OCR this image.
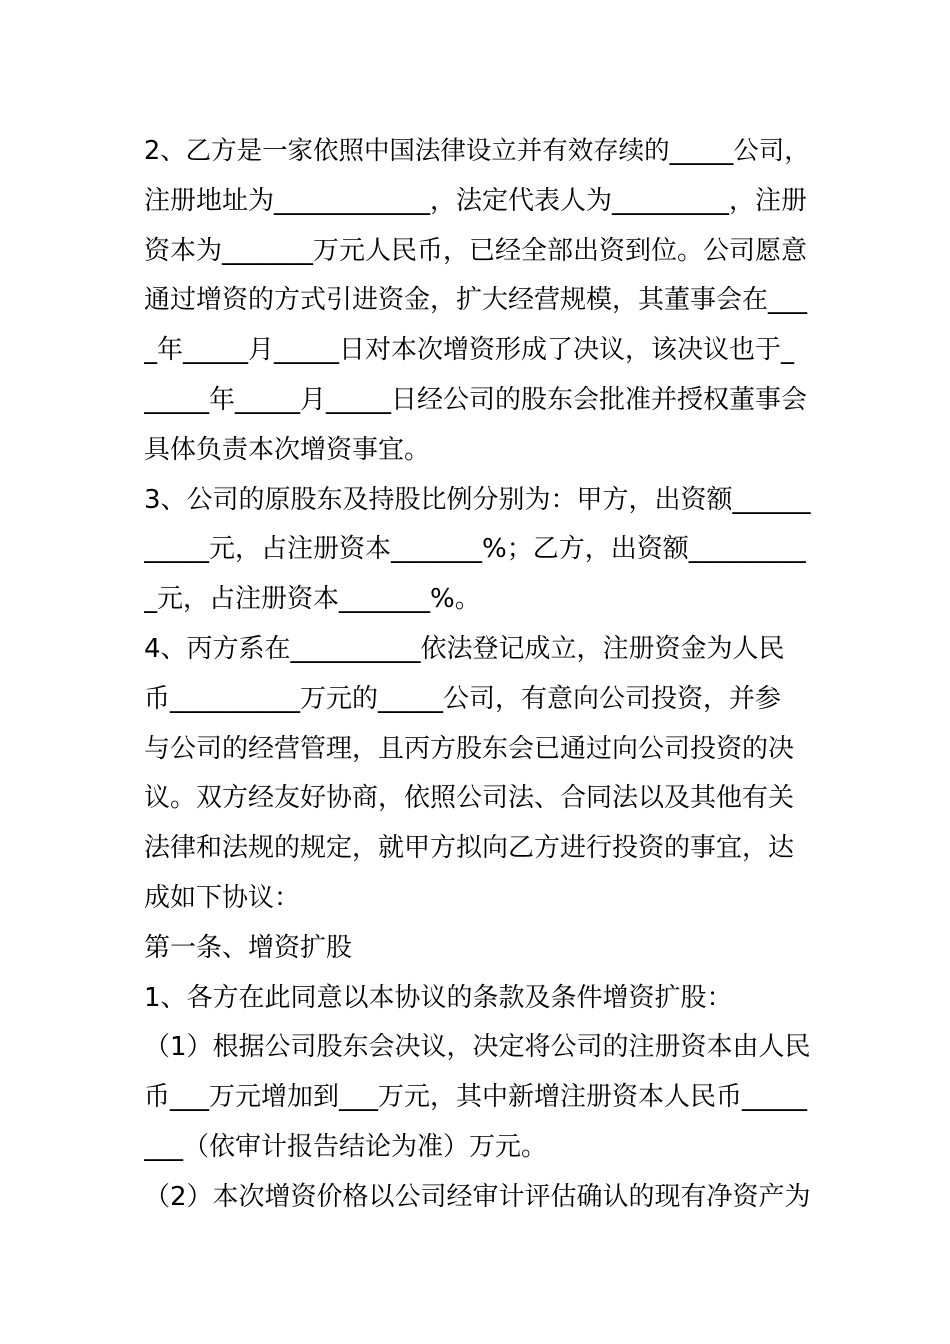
2、乙方是一家依照中国法律设立并有效存续的_____公司，
注册地址为____________，法定代表人为_________，注册
资本为_______万元人民币，已经全部出资到位。公司愿意
通过增资的方式引进资金，扩大经营规模，其董事会在___
_年_____月_____日对本次增资形成了决议，该决议也于_
_____年_____月_____日经公司的股东会批准并授权董事会
具体负责本次增资事宜。
3、公司的原股东及持股比例分别为：甲方，出资额______
_____元，占注册资本_______%；乙方，出资额_________
_元，占注册资本_______%。
4、丙方系在__________依法登记成立，注册资金为人民
币__________万元的_____公司，有意向公司投资，并参
与公司的经营管理，且丙方股东会已通过向公司投资的决
议。双方经友好协商，依照公司法、合同法以及其他有关
法律和法规的规定，就甲方拟向乙方进行投资的事宜，达
成如下协议：
第一条、增资扩股
1、各方在此同意以本协议的条款及条件增资扩股：
（1）根据公司股东会决议，决定将公司的注册资本由人民
币___万元增加到___万元，其中新增注册资本人民币_____
___（依审计报告结论为准）万元。
（2）本次增资价格以公司经审计评估确认的现有净资产为
